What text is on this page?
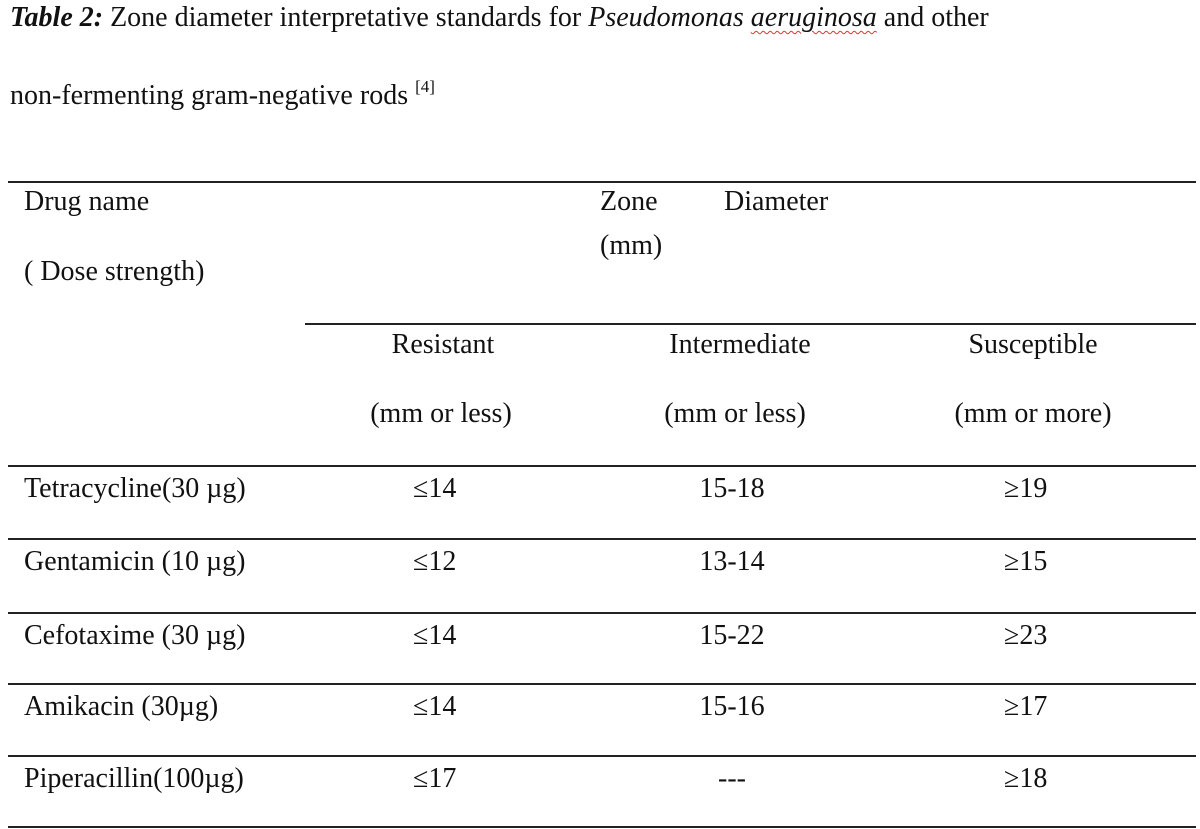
Table 2: Zone diameter interpretative standards for Pseudomonas aeruginosa and other
non-fermenting gram-negative rods [4]
Drug name
( Dose strength)
Zone Diameter
(mm)
Resistant	Intermediate	Susceptible
(mm or less)	(mm or less)	(mm or more)
Tetracycline(30 µg)	≤14	15-18	≥19
Gentamicin (10 µg)	≤12	13-14	≥15
Cefotaxime (30 µg)	≤14	15-22	≥23
Amikacin (30µg)	≤14	15-16	≥17
Piperacillin(100µg)	≤17	---	≥18
